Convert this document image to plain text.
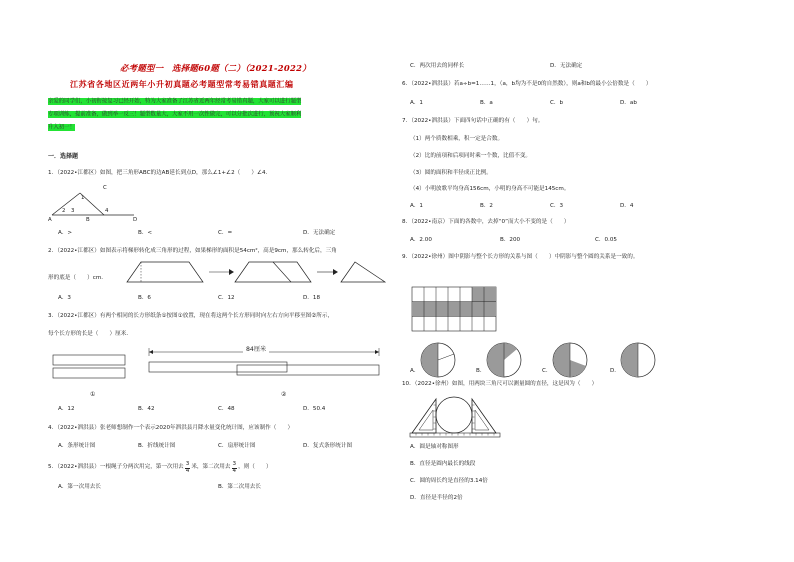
必考题型一　选择题60题（二）（2021-2022）
江苏省各地区近两年小升初真题必考题型常考易错真题汇编
亲爱的同学们，小初衔接复习已经开始，特为大家准备了江苏省近两年经常考易错真题，大家可以进行题型
专项训练，提前准备，做到举一反三！题型数量大，大家不用一次性做完，可以分批次进行，预祝大家顺利
升入初一！
一．选择题
1．（2022•江都区）如图，把三角形ABC的边AB延长到点D，那么∠1+∠2（　　）∠4．
1
2 3	4
A	B
C
D
A．>	B．<	C．=	D．无法确定
2．（2022•江都区）如图表示将梯形转化成三角形的过程，如果梯形的面积是54cm²，高是9cm，那么转化后，三角
形的底是（　　）cm．
A．3	B．6	C．12	D．18
3．（2022•江都区）有两个相同的长方形纸条①按图①放置，现在将这两个长方形同时向左右方向平移至图②所示，
每个长方形的长是（　　）厘米．
84厘米
①	②
A．12	B．42	C．48	D．50.4
4．（2022•泗洪县）张老师想制作一个表示2020年泗洪县月降水量变化统计图，应该制作（　　）
A．条形统计图	B．折线统计图	C．扇形统计图	D．复式条形统计图
5．（2022•泗洪县）一根绳子分两次用完，第一次用去 $\frac{3}{4}$ 米，第二次用去 $\frac{3}{4}$ ，则（　　）
A．第一次用去长	B．第二次用去长
C．两次用去的同样长	D．无法确定
6．（2022•泗洪县）若a÷b=1……1，（a，b均为不是0的自然数），则a和b的最小公倍数是（　　）
A．1	B．a	C．b	D．ab
7．（2022•泗洪县）下面四句话中正确的有（　　）句。
（1）两个质数相乘，积一定是合数。
（2）比的前项和后项同时乘一个数，比值不变。
（3）圆的面积和半径成正比例。
（4）小明放歌平均身高156cm，小明的身高不可能是145cm。
A．1	B．2	C．3	D．4
8．（2022•南京）下面的各数中，去掉“0”而大小不变的是（　　）
A．2.00	B．200	C．0.05
9．（2022•徐州）图中阴影与整个长方形的关系与图（　　）中阴影与整个圆的关系是一致的。
A．	B．	C．	D．
10．（2022•徐州）如图，用两块三角尺可以测量圆的直径，这是因为（　　）
A．圆是轴对称图形
B．直径是圆内最长的线段
C．圆的周长约是直径的3.14倍
D．直径是半径的2倍
